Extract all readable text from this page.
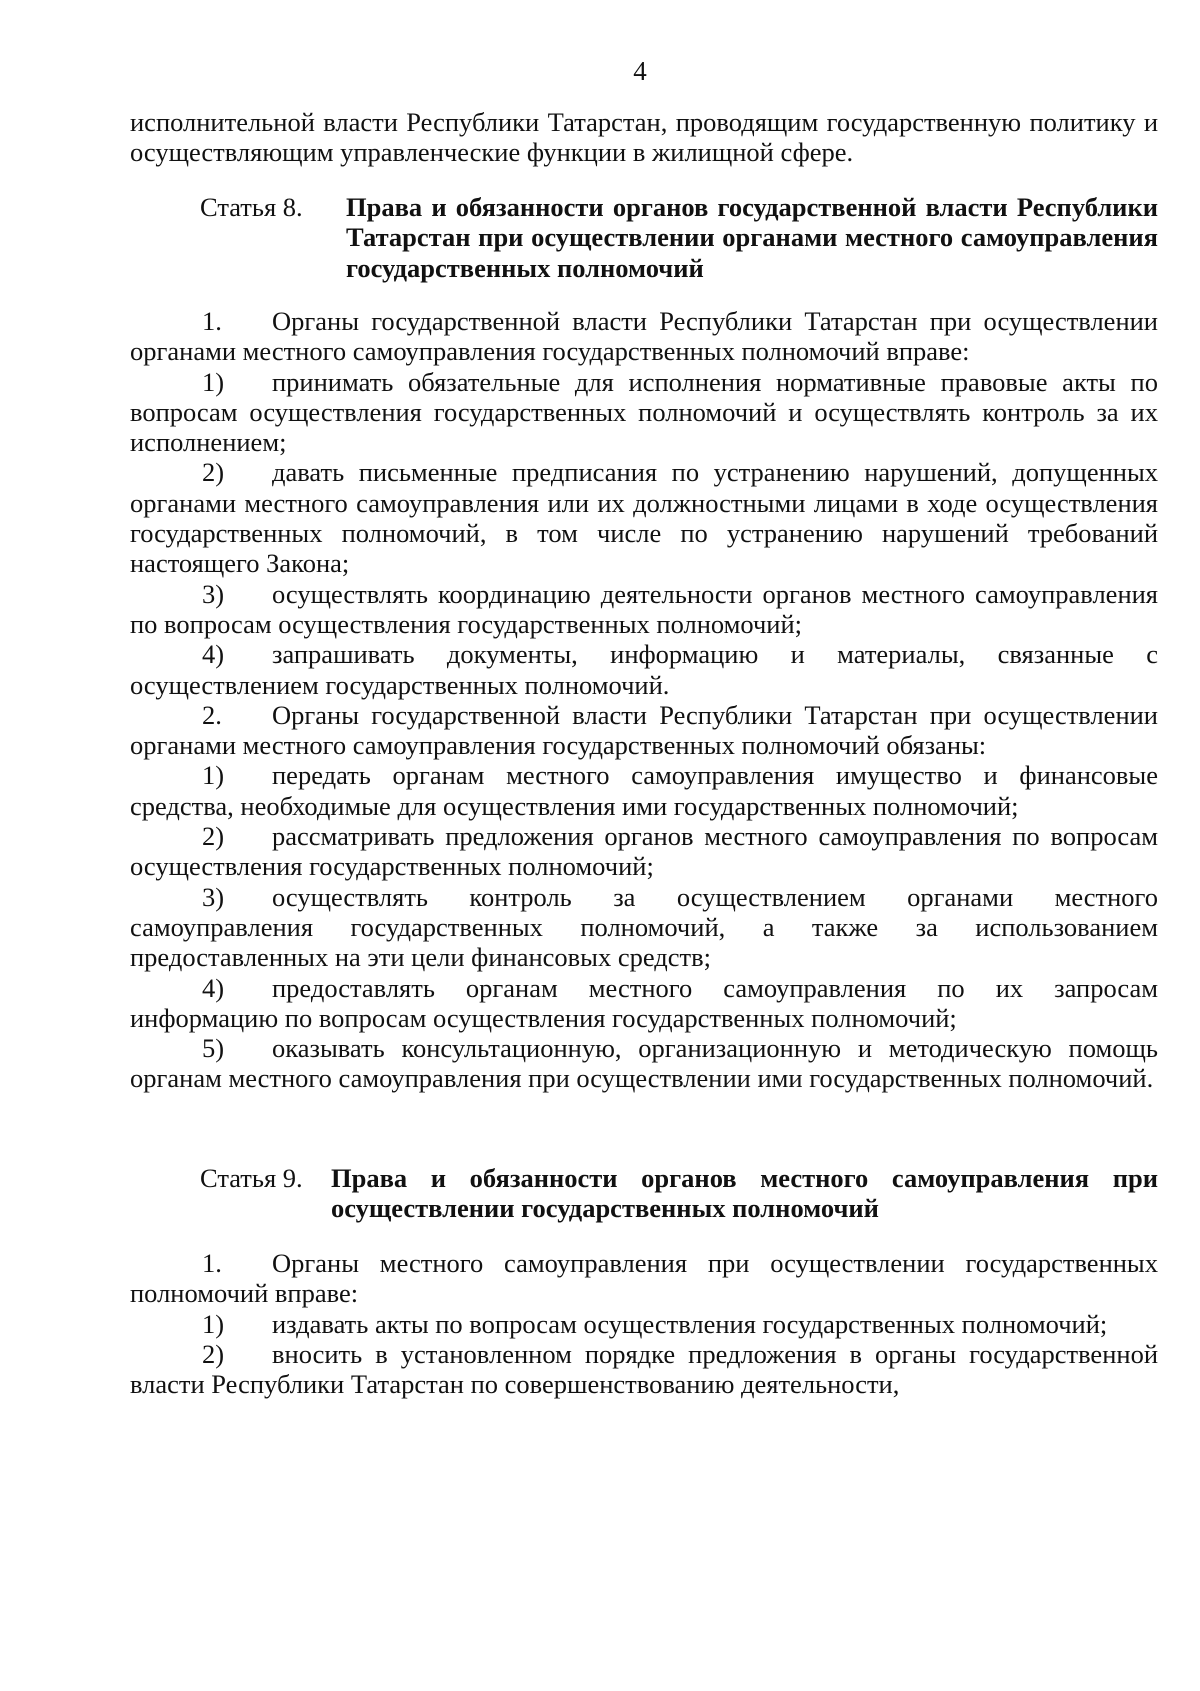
4

исполнительной власти Республики Татарстан, проводящим государственную политику и осуществляющим управленческие функции в жилищной сфере.

Статья 8. Права и обязанности органов государственной власти Республики Татарстан при осуществлении органами местного самоуправления государственных полномочий

1. Органы государственной власти Республики Татарстан при осуществлении органами местного самоуправления государственных полномочий вправе:

1) принимать обязательные для исполнения нормативные правовые акты по вопросам осуществления государственных полномочий и осуществлять контроль за их исполнением;

2) давать письменные предписания по устранению нарушений, допущенных органами местного самоуправления или их должностными лицами в ходе осуществления государственных полномочий, в том числе по устранению нарушений требований настоящего Закона;

3) осуществлять координацию деятельности органов местного самоуправления по вопросам осуществления государственных полномочий;

4) запрашивать документы, информацию и материалы, связанные с осуществлением государственных полномочий.

2. Органы государственной власти Республики Татарстан при осуществлении органами местного самоуправления государственных полномочий обязаны:

1) передать органам местного самоуправления имущество и финансовые средства, необходимые для осуществления ими государственных полномочий;

2) рассматривать предложения органов местного самоуправления по вопросам осуществления государственных полномочий;

3) осуществлять контроль за осуществлением органами местного самоуправления государственных полномочий, а также за использованием предоставленных на эти цели финансовых средств;

4) предоставлять органам местного самоуправления по их запросам информацию по вопросам осуществления государственных полномочий;

5) оказывать консультационную, организационную и методическую помощь органам местного самоуправления при осуществлении ими государственных полномочий.

Статья 9. Права и обязанности органов местного самоуправления при осуществлении государственных полномочий

1. Органы местного самоуправления при осуществлении государственных полномочий вправе:

1) издавать акты по вопросам осуществления государственных полномочий;

2) вносить в установленном порядке предложения в органы государственной власти Республики Татарстан по совершенствованию деятельности,
